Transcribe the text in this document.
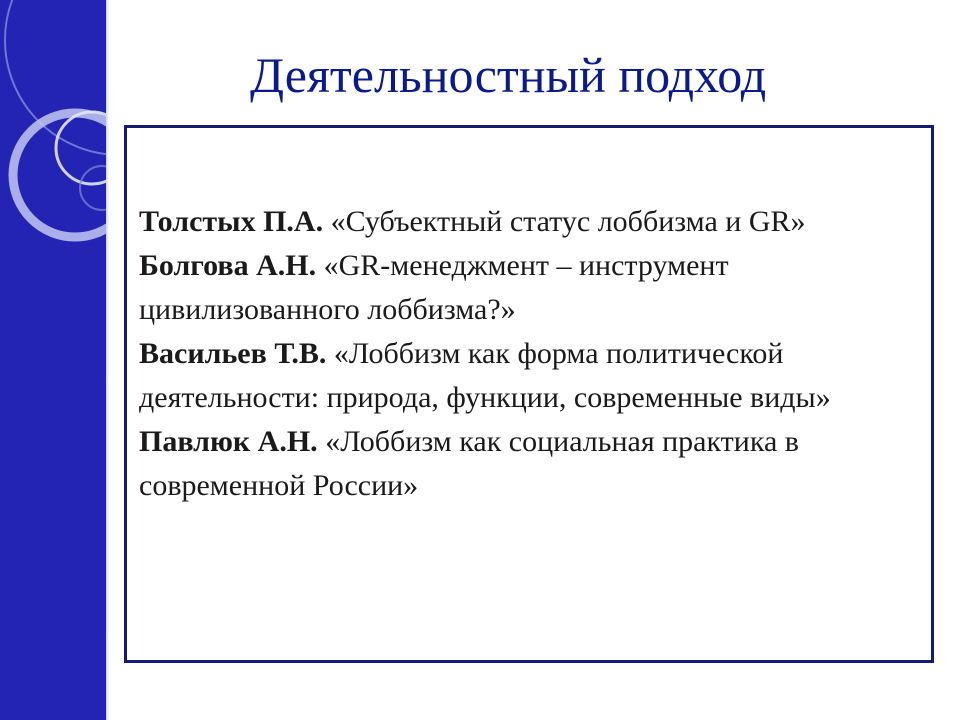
Деятельностный подход

Толстых П.А. «Субъектный статус лоббизма и GR»

Болгова А.Н. «GR-менеджмент – инструмент цивилизованного лоббизма?»

Васильев Т.В. «Лоббизм как форма политической деятельности: природа, функции, современные виды»

Павлюк А.Н. «Лоббизм как социальная практика в современной России»
